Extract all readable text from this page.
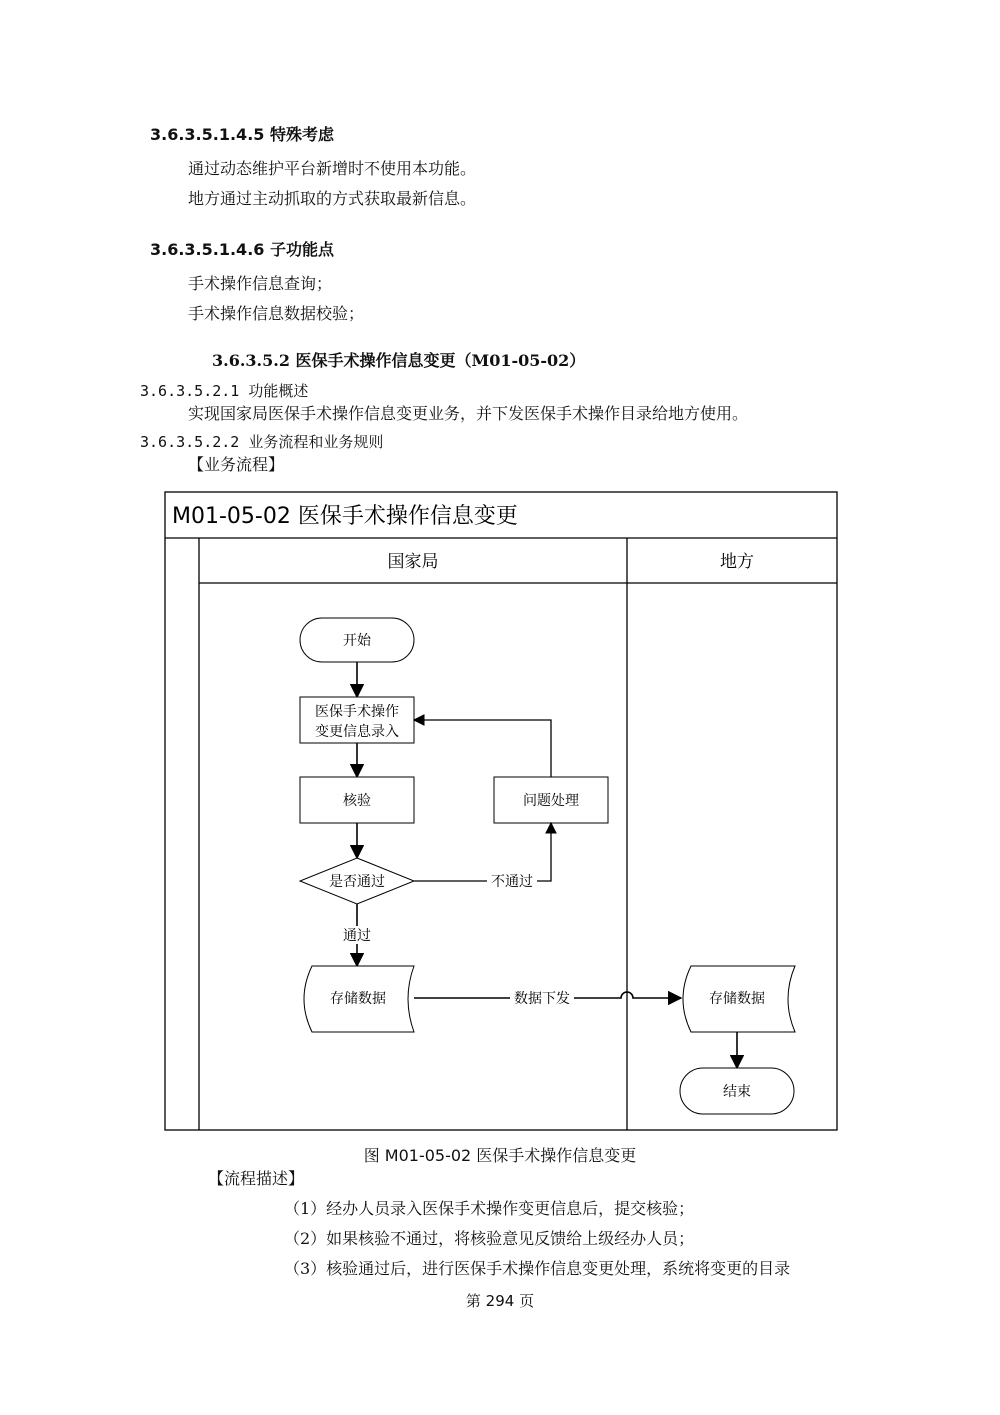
3.6.3.5.1.4.5 特殊考虑
通过动态维护平台新增时不使用本功能。
地方通过主动抓取的方式获取最新信息。
3.6.3.5.1.4.6 子功能点
手术操作信息查询；
手术操作信息数据校验；
3.6.3.5.2 医保手术操作信息变更（M01-05-02）
3.6.3.5.2.1 功能概述
实现国家局医保手术操作信息变更业务，并下发医保手术操作目录给地方使用。
3.6.3.5.2.2 业务流程和业务规则
【业务流程】
M01-05-02 医保手术操作信息变更
国家局	地方
开始
医保手术操作
变更信息录入
核验	问题处理
是否通过	不通过
通过
存储数据	数据下发	存储数据
结束
图 M01-05-02 医保手术操作信息变更
【流程描述】
（1）经办人员录入医保手术操作变更信息后，提交核验；
（2）如果核验不通过，将核验意见反馈给上级经办人员；
（3）核验通过后，进行医保手术操作信息变更处理，系统将变更的目录
第 294 页
